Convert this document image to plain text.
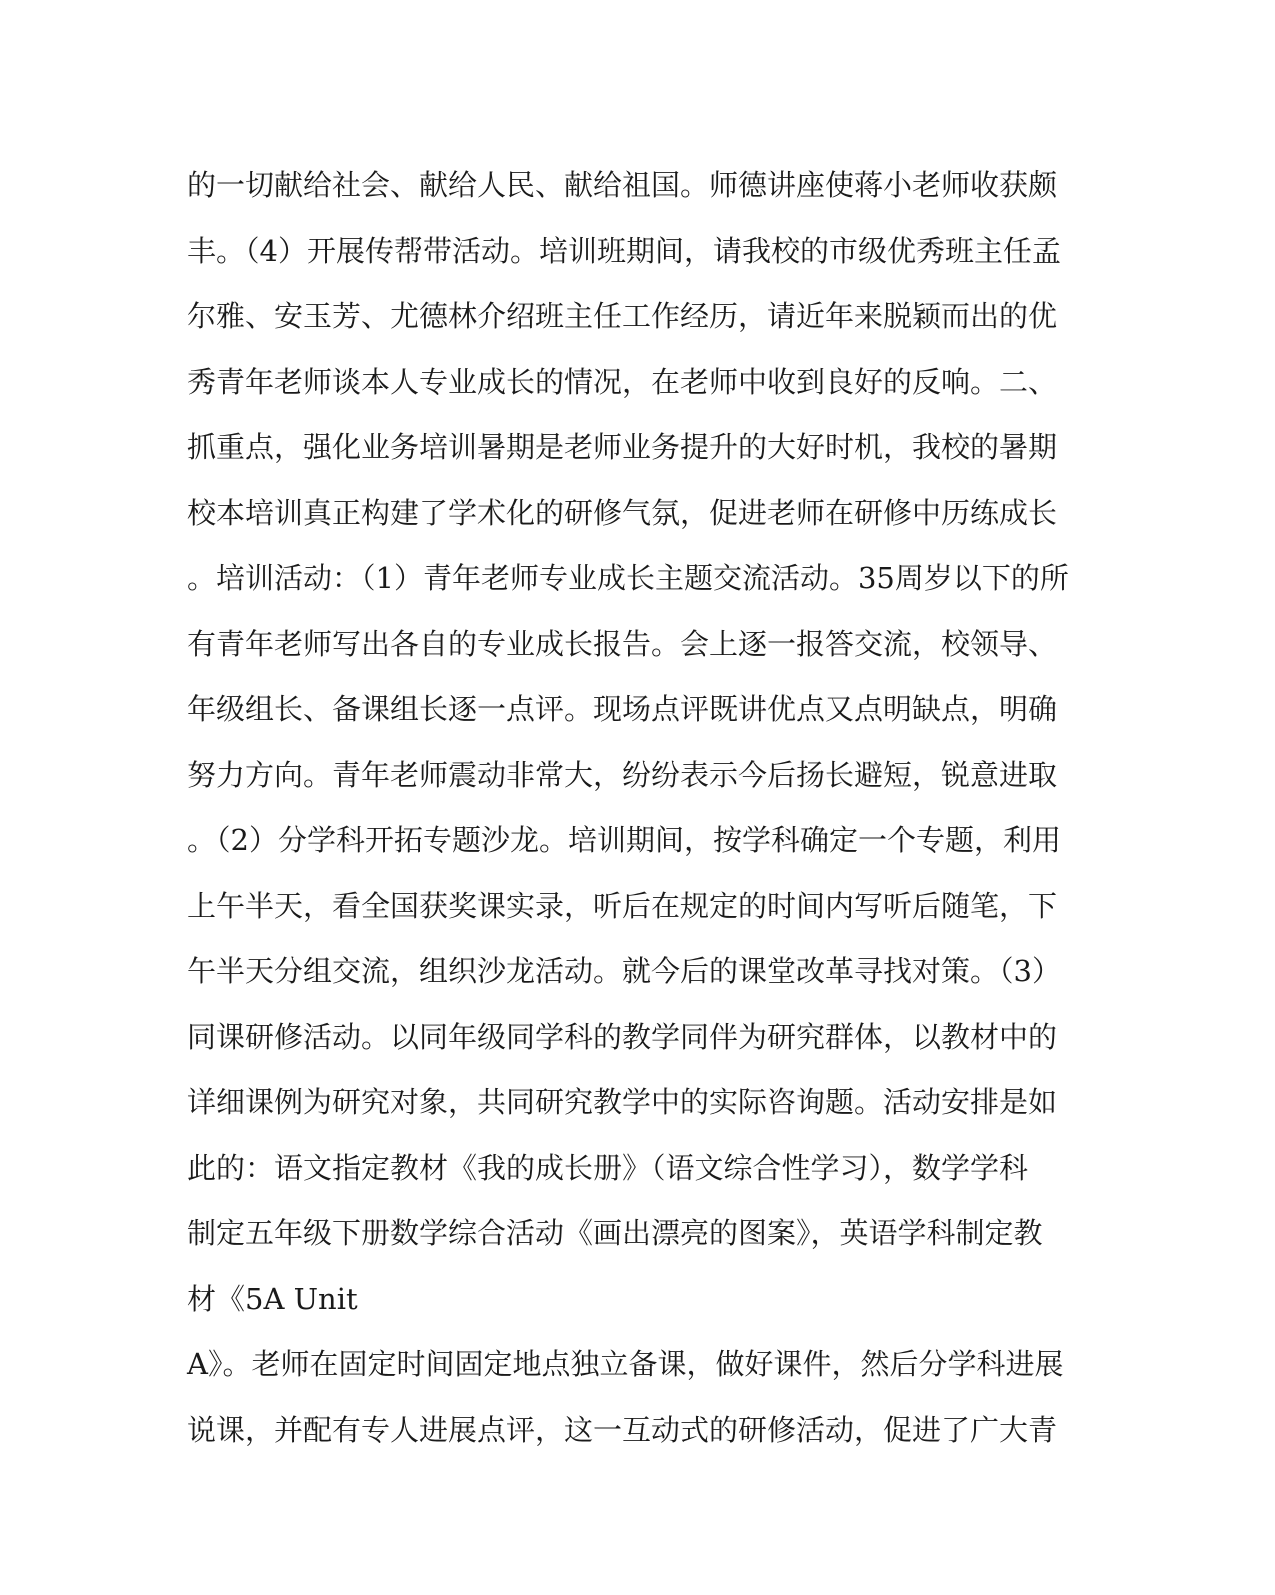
的一切献给社会、献给人民、献给祖国。师德讲座使蒋小老师收获颇
丰。（4）开展传帮带活动。培训班期间，请我校的市级优秀班主任孟
尔雅、安玉芳、尤德林介绍班主任工作经历，请近年来脱颖而出的优
秀青年老师谈本人专业成长的情况，在老师中收到良好的反响。二、
抓重点，强化业务培训暑期是老师业务提升的大好时机，我校的暑期
校本培训真正构建了学术化的研修气氛，促进老师在研修中历练成长
。培训活动：（1）青年老师专业成长主题交流活动。35周岁以下的所
有青年老师写出各自的专业成长报告。会上逐一报答交流，校领导、
年级组长、备课组长逐一点评。现场点评既讲优点又点明缺点，明确
努力方向。青年老师震动非常大，纷纷表示今后扬长避短，锐意进取
。（2）分学科开拓专题沙龙。培训期间，按学科确定一个专题，利用
上午半天，看全国获奖课实录，听后在规定的时间内写听后随笔，下
午半天分组交流，组织沙龙活动。就今后的课堂改革寻找对策。（3）
同课研修活动。以同年级同学科的教学同伴为研究群体，以教材中的
详细课例为研究对象，共同研究教学中的实际咨询题。活动安排是如
此的：语文指定教材《我的成长册》（语文综合性学习），数学学科
制定五年级下册数学综合活动《画出漂亮的图案》，英语学科制定教
材《5A Unit
A》。老师在固定时间固定地点独立备课，做好课件，然后分学科进展
说课，并配有专人进展点评，这一互动式的研修活动，促进了广大青
